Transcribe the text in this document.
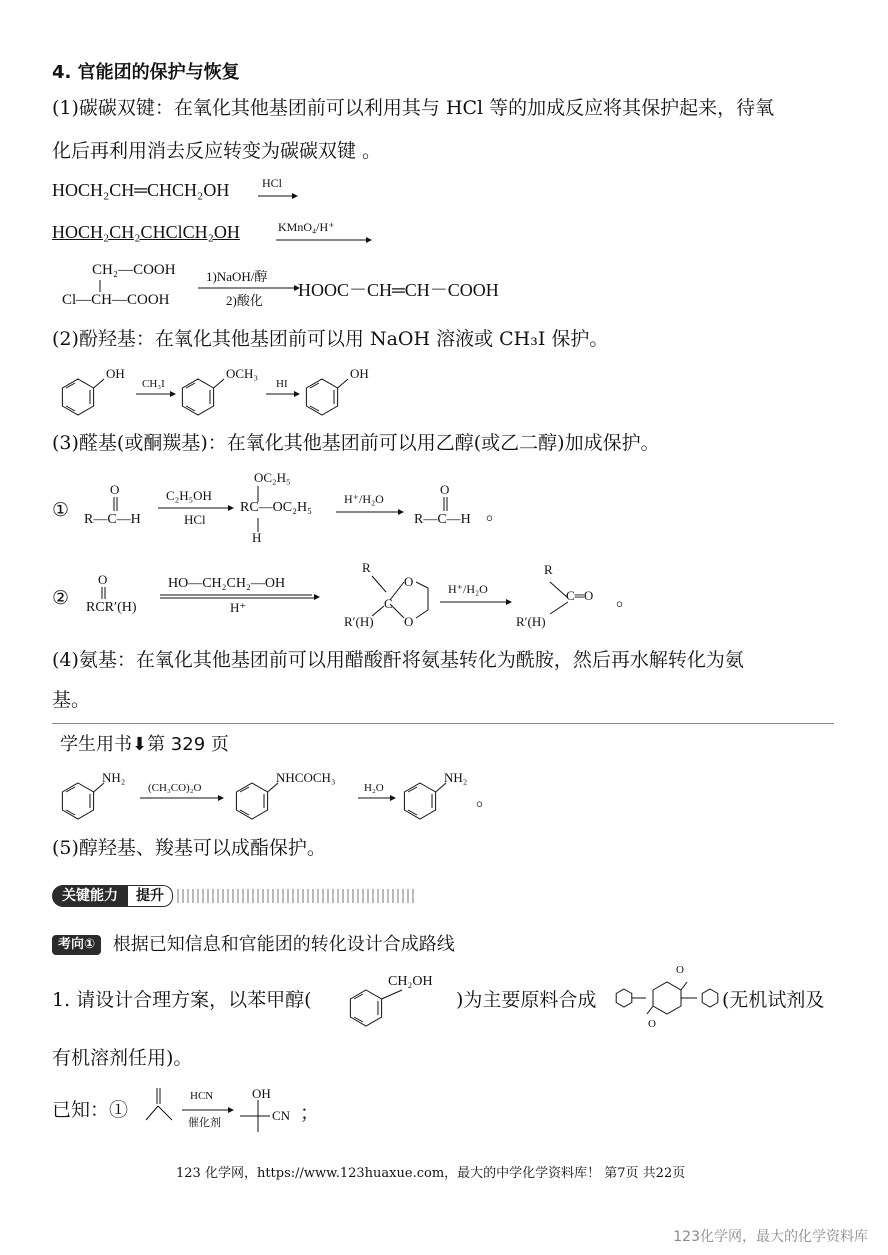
4. 官能团的保护与恢复
(1)碳碳双键：在氧化其他基团前可以利用其与 HCl 等的加成反应将其保护起来，待氧
化后再利用消去反应转变为碳碳双键 。
HOCH₂CH═CHCH₂OH	HCl
HOCH₂CH₂CHClCH₂OH	KMnO₄/H⁺
CH₂—COOH
Cl—CH—COOH
1)NaOH/醇
2)酸化
HOOC－CH═CH－COOH
(2)酚羟基：在氧化其他基团前可以用 NaOH 溶液或 CH₃I 保护。
OH
CH₃I
OCH₃
HI
OH
(3)醛基(或酮羰基)：在氧化其他基团前可以用乙醇(或乙二醇)加成保护。
①
O
R—C—H
C₂H₅OH
HCl
OC₂H₅
RC—OC₂H₅
H
H⁺/H₂O
O
R—C—H 。
②
O
RCR′(H)
HO—CH₂CH₂—OH
H⁺
R
O
C
R′(H) O
H⁺/H₂O
R
C═O
R′(H)
。
(4)氨基：在氧化其他基团前可以用醋酸酐将氨基转化为酰胺，然后再水解转化为氨
基。
学生用书⬇第 329 页
NH₂
(CH₃CO)₂O
NHCOCH₃
H₂O
NH₂
。
(5)醇羟基、羧基可以成酯保护。
关键能力	提升
考向① 根据已知信息和官能团的转化设计合成路线
1. 请设计合理方案，以苯甲醇(
CH₂OH
)为主要原料合成
O
O
(无机试剂及
有机溶剂任用)。
已知：①
HCN
催化剂
OH
CN ；
123 化学网，https://www.123huaxue.com，最大的中学化学资料库！ 第7页 共22页
123化学网，最大的化学资料库
